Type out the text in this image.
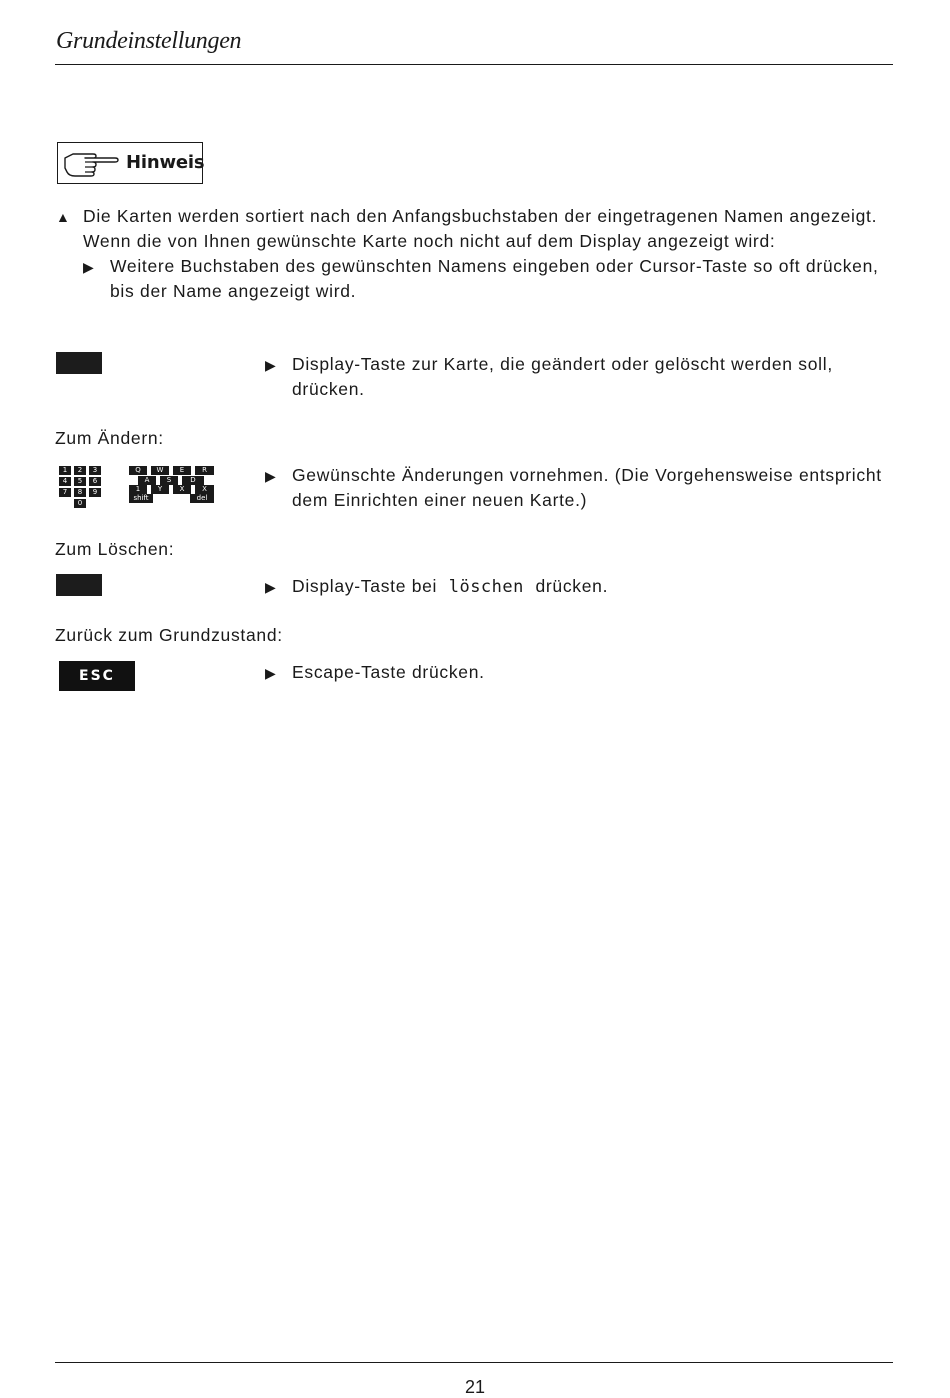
Grundeinstellungen
Hinweis
▲ Die Karten werden sortiert nach den Anfangsbuchstaben der eingetragenen Namen angezeigt.
Wenn die von Ihnen gewünschte Karte noch nicht auf dem Display angezeigt wird:
▶ Weitere Buchstaben des gewünschten Namens eingeben oder Cursor-Taste so oft drücken,
bis der Name angezeigt wird.
▶ Display-Taste zur Karte, die geändert oder gelöscht werden soll,
drücken.
Zum Ändern:
1	2	3
4	5	6
7	8	9
0
Q	W	E	R
A	S	D
1	Y	X	X
shift	del
▶ Gewünschte Änderungen vornehmen. (Die Vorgehensweise entspricht
dem Einrichten einer neuen Karte.)
Zum Löschen:
▶ Display-Taste bei löschen drücken.
Zurück zum Grundzustand:
ESC	▶ Escape-Taste drücken.
21
